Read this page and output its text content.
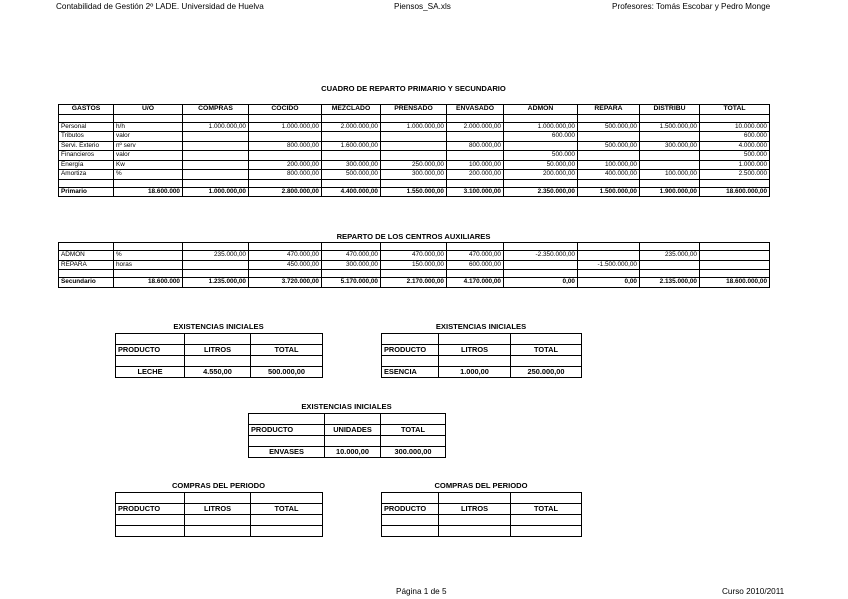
Contabilidad de Gestión 2º LADE. Universidad de Huelva	Piensos_SA.xls	Profesores: Tomás Escobar y Pedro Monge
CUADRO DE REPARTO PRIMARIO Y SECUNDARIO
GASTOS	U/O	COMPRAS	COCIDO	MEZCLADO	PRENSADO	ENVASADO	ADMÓN	REPARA	DISTRIBU	TOTAL

Personal	h/h	1.000.000,00	1.000.000,00	2.000.000,00	1.000.000,00	2.000.000,00	1.000.000,00	500.000,00	1.500.000,00	10.000.000
Tributos	valor						600.000			600.000
Servi. Exterio	nº serv		800.000,00	1.600.000,00		800.000,00		500.000,00	300.000,00	4.000.000
Financieros	valor						500.000			500.000
Energía	Kw		200.000,00	300.000,00	250.000,00	100.000,00	50.000,00	100.000,00		1.000.000
Amortiza	%		800.000,00	500.000,00	300.000,00	200.000,00	200.000,00	400.000,00	100.000,00	2.500.000

Primario	18.600.000	1.000.000,00	2.800.000,00	4.400.000,00	1.550.000,00	3.100.000,00	2.350.000,00	1.500.000,00	1.900.000,00	18.600.000,00
REPARTO DE LOS CENTROS AUXILIARES

ADMÓN	%	235.000,00	470.000,00	470.000,00	470.000,00	470.000,00	-2.350.000,00		235.000,00	
REPARA	horas		450.000,00	300.000,00	150.000,00	600.000,00		-1.500.000,00		

Secundario	18.600.000	1.235.000,00	3.720.000,00	5.170.000,00	2.170.000,00	4.170.000,00	0,00	0,00	2.135.000,00	18.600.000,00
EXISTENCIAS INICIALES

PRODUCTO	LITROS	TOTAL

LECHE	4.550,00	500.000,00
EXISTENCIAS INICIALES

PRODUCTO	LITROS	TOTAL

ESENCIA	1.000,00	250.000,00
EXISTENCIAS INICIALES

PRODUCTO	UNIDADES	TOTAL

ENVASES	10.000,00	300.000,00
COMPRAS DEL PERIODO

PRODUCTO	LITROS	TOTAL

COMPRAS DEL PERIODO

PRODUCTO	LITROS	TOTAL

Página 1 de 5	Curso 2010/2011
